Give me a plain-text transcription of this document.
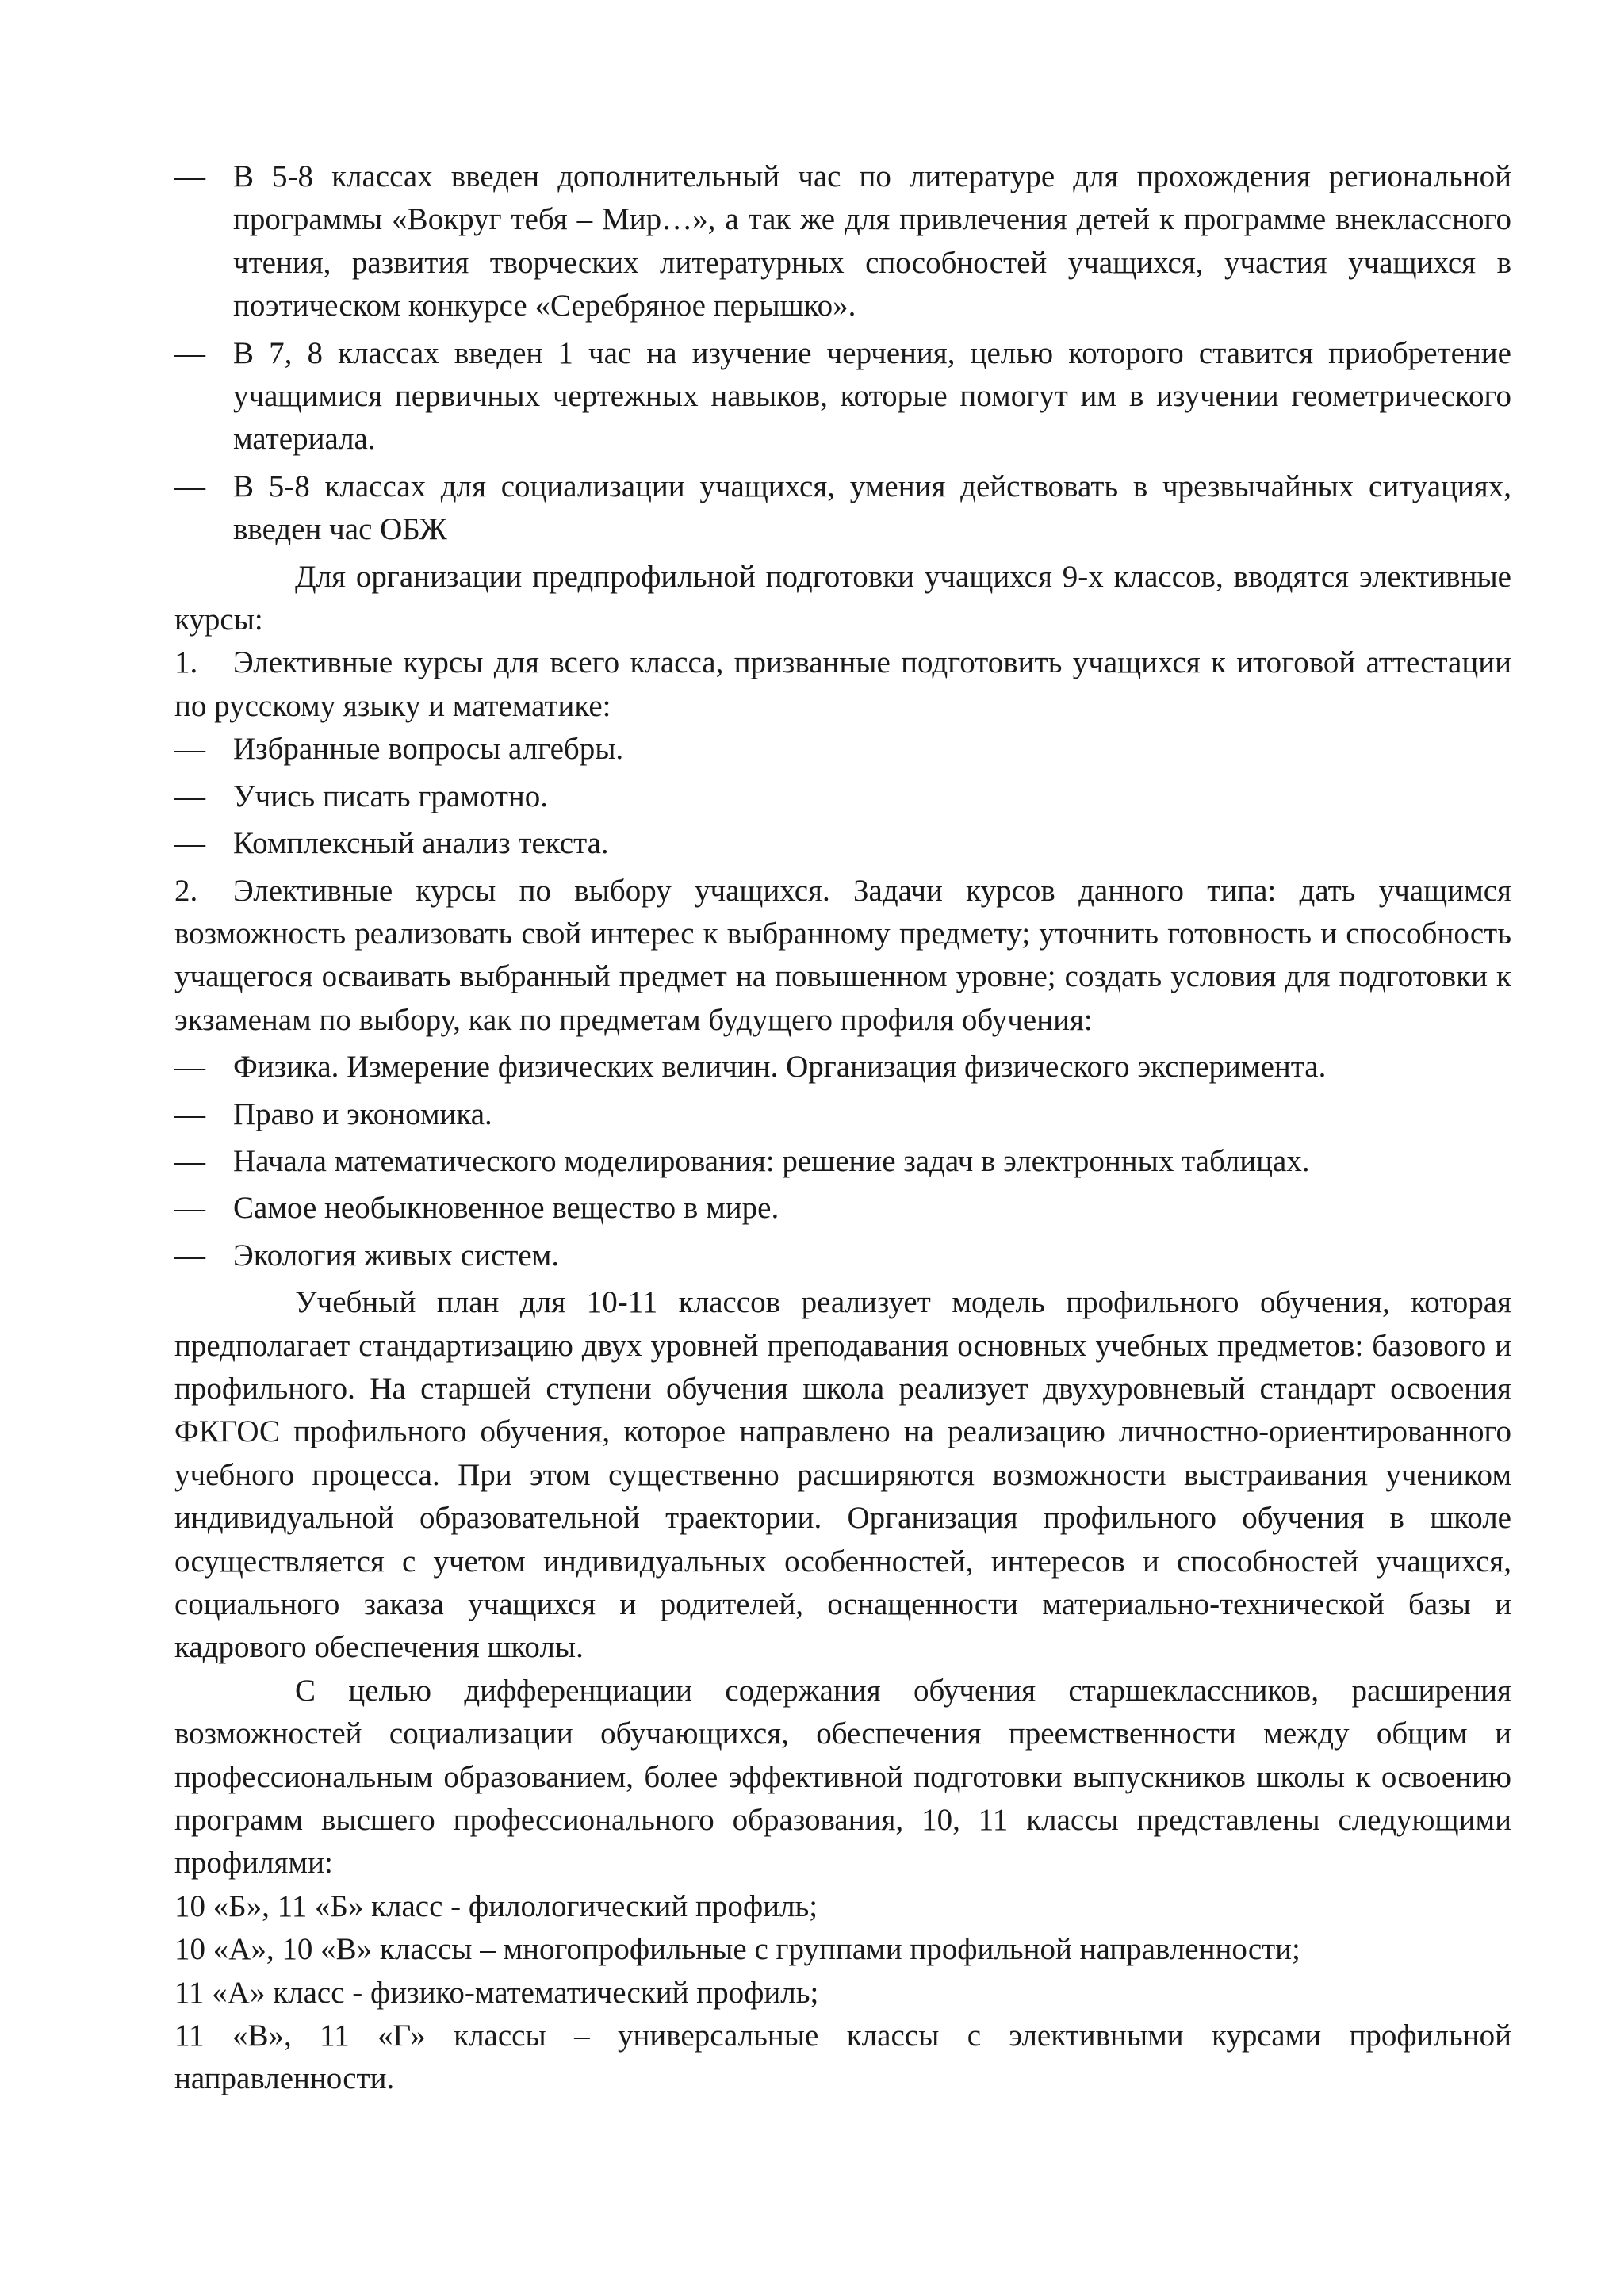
— В 5-8 классах введен дополнительный час по литературе для прохождения региональной программы «Вокруг тебя – Мир…», а так же для привлечения детей к программе внеклассного чтения, развития творческих литературных способностей учащихся, участия учащихся в поэтическом конкурсе «Серебряное перышко».

— В 7, 8 классах введен 1 час на изучение черчения, целью которого ставится приобретение учащимися первичных чертежных навыков, которые помогут им в изучении геометрического материала.

— В 5-8 классах для социализации учащихся, умения действовать в чрезвычайных ситуациях, введен час ОБЖ

Для организации предпрофильной подготовки учащихся 9-х классов, вводятся элективные курсы:

1. Элективные курсы для всего класса, призванные подготовить учащихся к итоговой аттестации по русскому языку и математике:

— Избранные вопросы алгебры.

— Учись писать грамотно.

— Комплексный анализ текста.

2. Элективные курсы по выбору учащихся. Задачи курсов данного типа: дать учащимся возможность реализовать свой интерес к выбранному предмету; уточнить готовность и способность учащегося осваивать выбранный предмет на повышенном уровне; создать условия для подготовки к экзаменам по выбору, как по предметам будущего профиля обучения:

— Физика. Измерение физических величин. Организация физического эксперимента.

— Право и экономика.

— Начала математического моделирования: решение задач в электронных таблицах.

— Самое необыкновенное вещество в мире.

— Экология живых систем.

Учебный план для 10-11 классов реализует модель профильного обучения, которая предполагает стандартизацию двух уровней преподавания основных учебных предметов: базового и профильного. На старшей ступени обучения школа реализует двухуровневый стандарт освоения ФКГОС профильного обучения, которое направлено на реализацию личностно-ориентированного учебного процесса. При этом существенно расширяются возможности выстраивания учеником индивидуальной образовательной траектории. Организация профильного обучения в школе осуществляется с учетом индивидуальных особенностей, интересов и способностей учащихся, социального заказа учащихся и родителей, оснащенности материально-технической базы и кадрового обеспечения школы.

С целью дифференциации содержания обучения старшеклассников, расширения возможностей социализации обучающихся, обеспечения преемственности между общим и профессиональным образованием, более эффективной подготовки выпускников школы к освоению программ высшего профессионального образования, 10, 11 классы представлены следующими профилями:

10 «Б», 11 «Б» класс - филологический профиль;

10 «А», 10 «В» классы – многопрофильные с группами профильной направленности;

11 «А» класс - физико-математический профиль;

11 «В», 11 «Г» классы – универсальные классы с элективными курсами профильной направленности.
